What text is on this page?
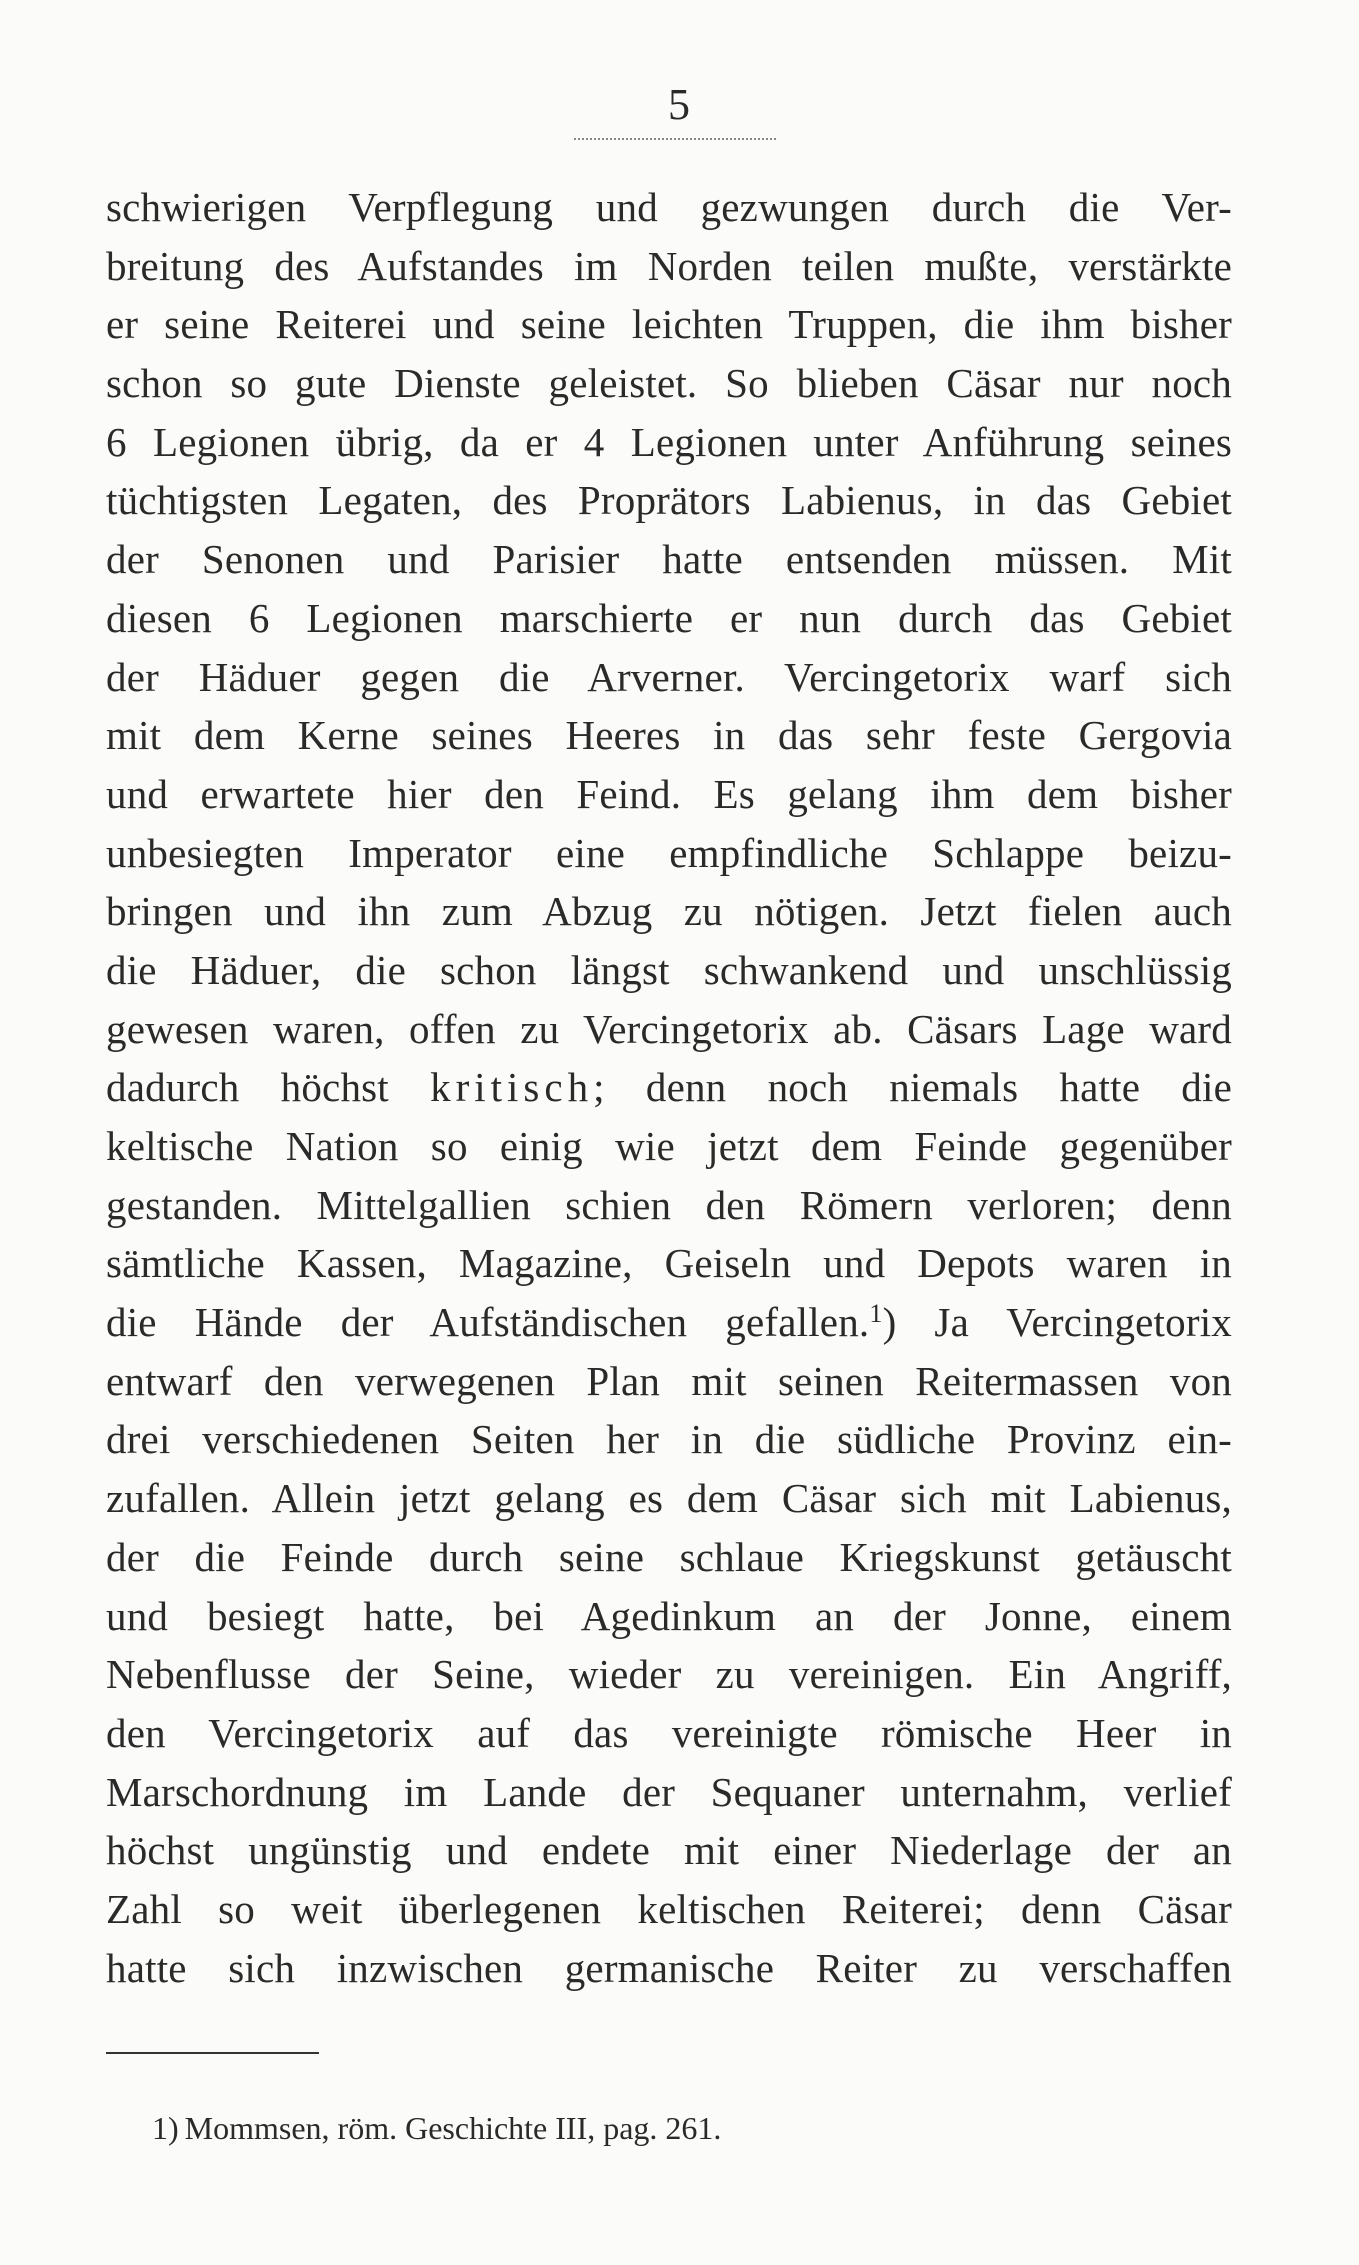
5
schwierigen Verpflegung und gezwungen durch die Ver-
breitung des Aufstandes im Norden teilen mußte, verstärkte
er seine Reiterei und seine leichten Truppen, die ihm bisher
schon so gute Dienste geleistet. So blieben Cäsar nur noch
6 Legionen übrig, da er 4 Legionen unter Anführung seines
tüchtigsten Legaten, des Proprätors Labienus, in das Gebiet
der Senonen und Parisier hatte entsenden müssen. Mit
diesen 6 Legionen marschierte er nun durch das Gebiet
der Häduer gegen die Arverner. Vercingetorix warf sich
mit dem Kerne seines Heeres in das sehr feste Gergovia
und erwartete hier den Feind. Es gelang ihm dem bisher
unbesiegten Imperator eine empfindliche Schlappe beizu-
bringen und ihn zum Abzug zu nötigen. Jetzt fielen auch
die Häduer, die schon längst schwankend und unschlüssig
gewesen waren, offen zu Vercingetorix ab. Cäsars Lage ward
dadurch höchst kritisch; denn noch niemals hatte die
keltische Nation so einig wie jetzt dem Feinde gegenüber
gestanden. Mittelgallien schien den Römern verloren; denn
sämtliche Kassen, Magazine, Geiseln und Depots waren in
die Hände der Aufständischen gefallen.$^1$) Ja Vercingetorix
entwarf den verwegenen Plan mit seinen Reitermassen von
drei verschiedenen Seiten her in die südliche Provinz ein-
zufallen. Allein jetzt gelang es dem Cäsar sich mit Labienus,
der die Feinde durch seine schlaue Kriegskunst getäuscht
und besiegt hatte, bei Agedinkum an der Jonne, einem
Nebenflusse der Seine, wieder zu vereinigen. Ein Angriff,
den Vercingetorix auf das vereinigte römische Heer in
Marschordnung im Lande der Sequaner unternahm, verlief
höchst ungünstig und endete mit einer Niederlage der an
Zahl so weit überlegenen keltischen Reiterei; denn Cäsar
hatte sich inzwischen germanische Reiter zu verschaffen
1) Mommsen, röm. Geschichte III, pag. 261.
